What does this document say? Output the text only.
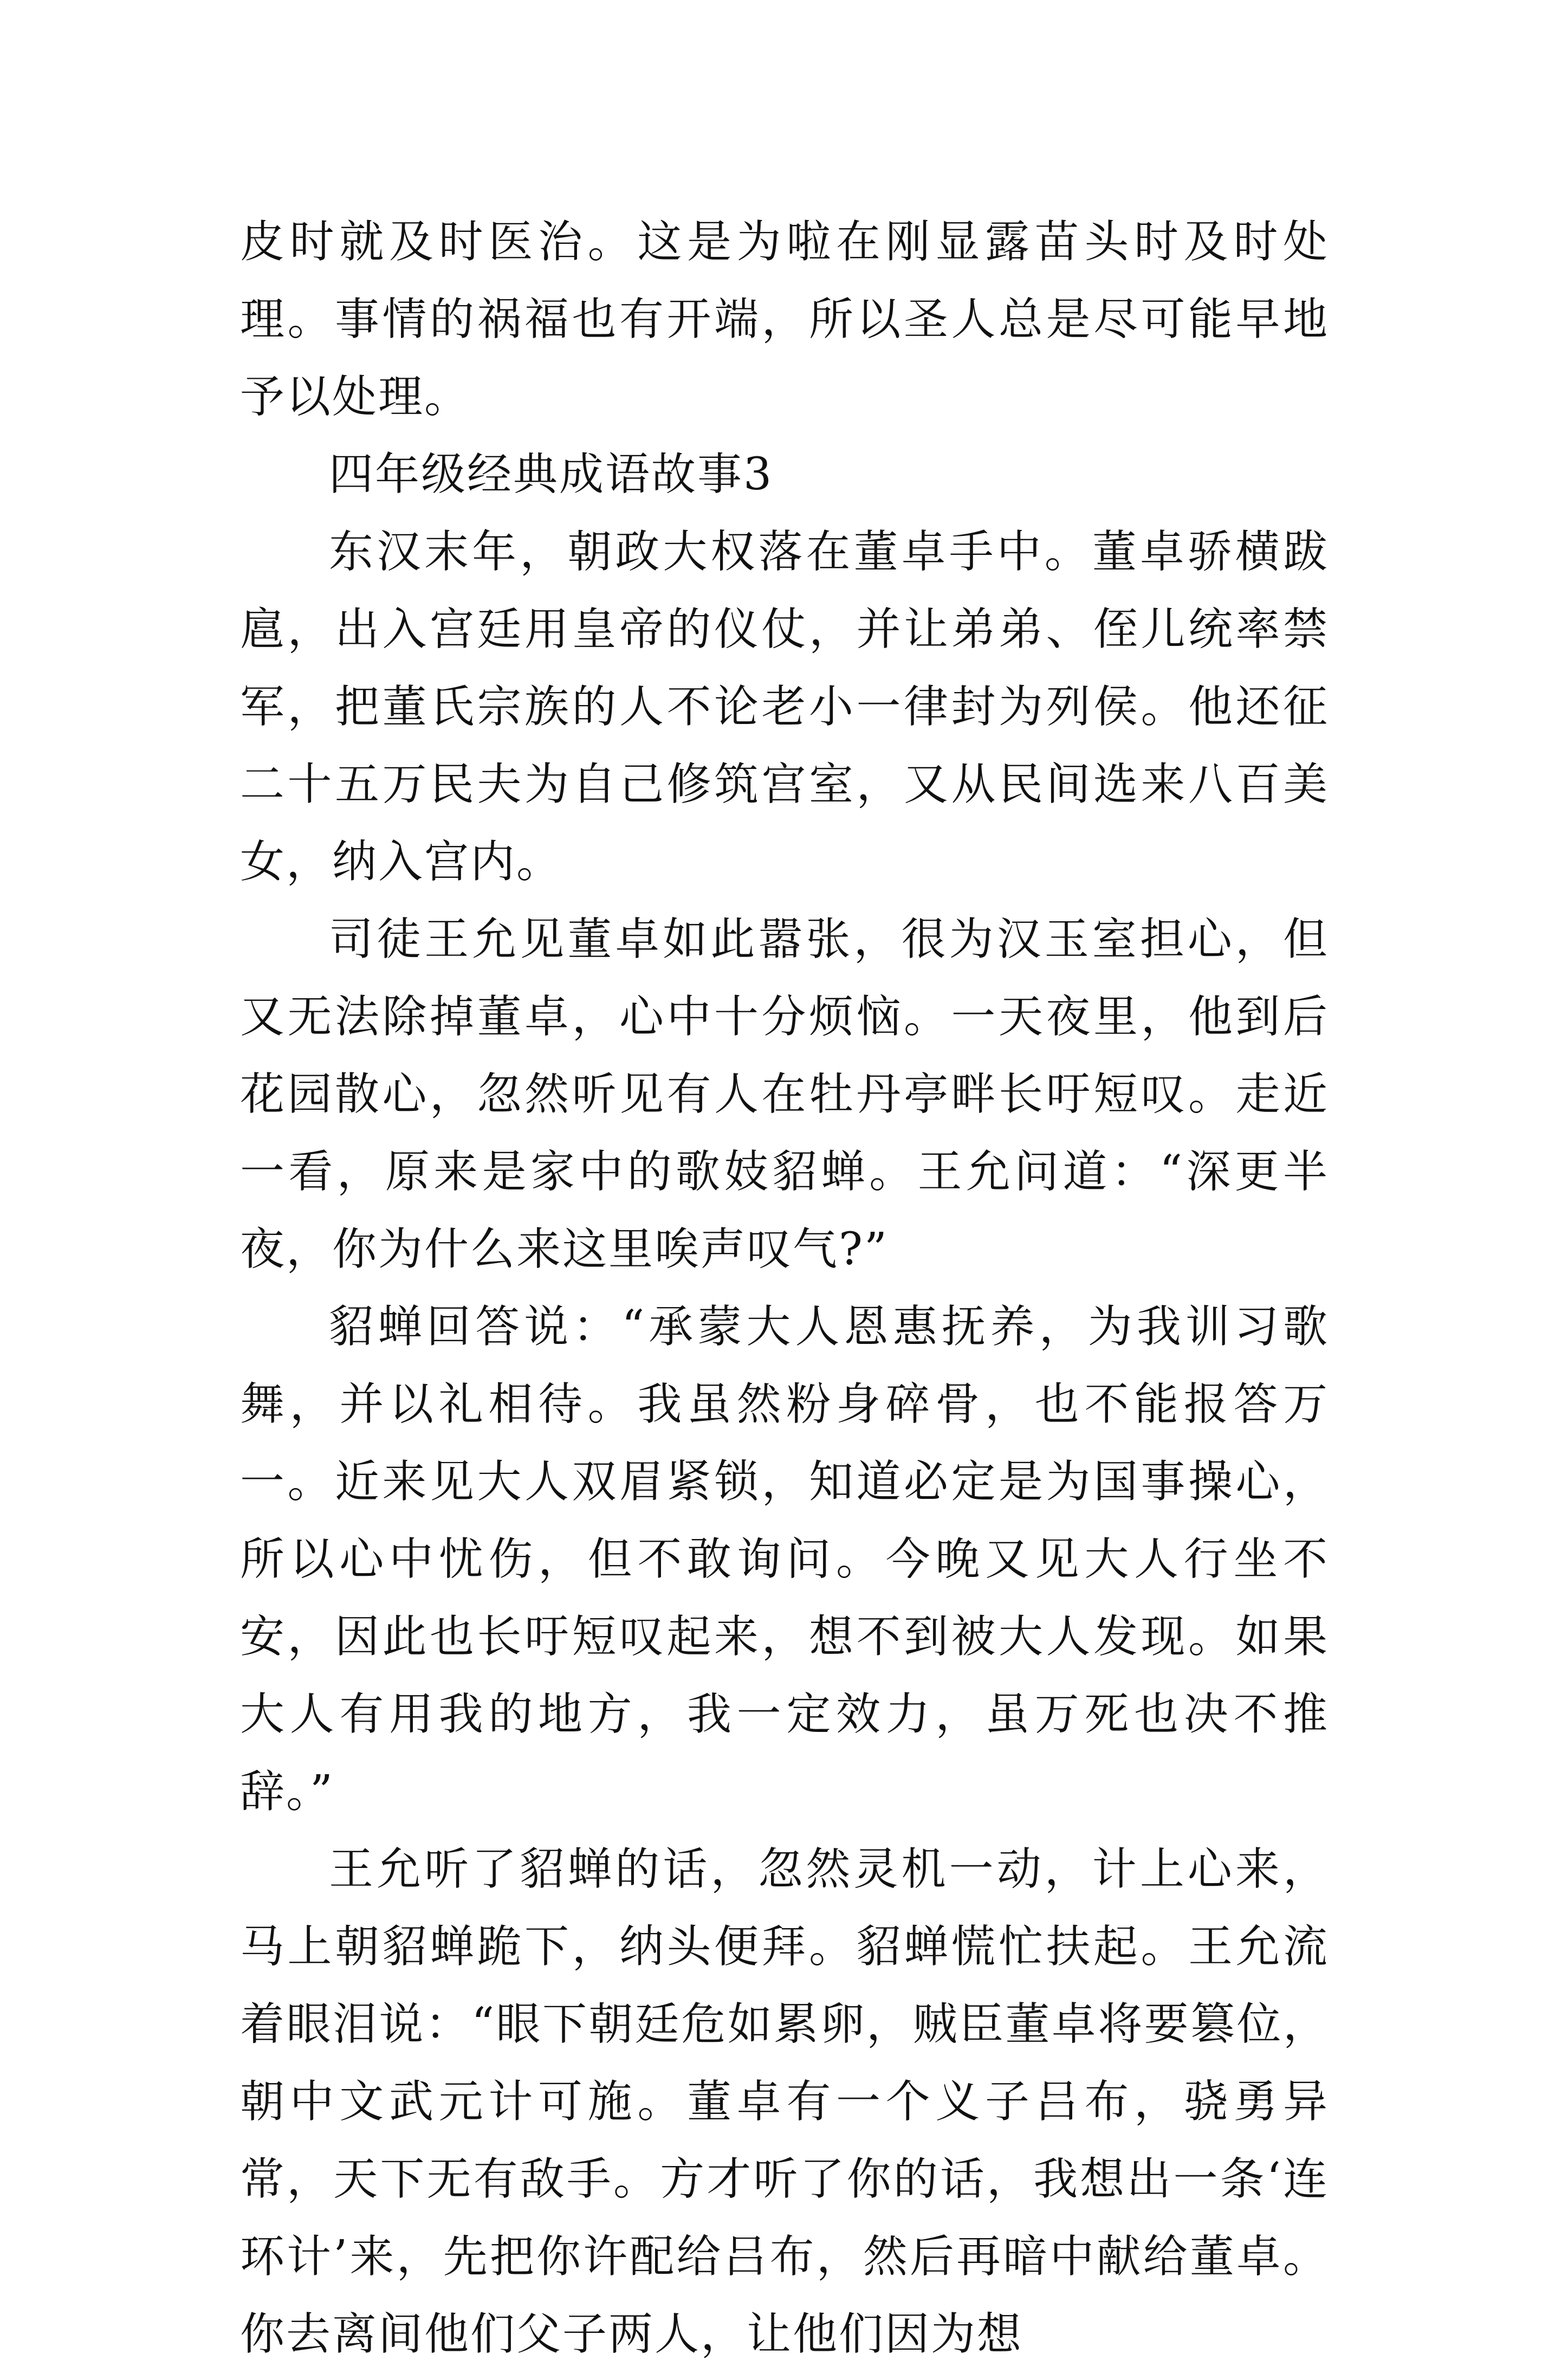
皮时就及时医治。这是为啦在刚显露苗头时及时处理。事情的祸福也有开端，所以圣人总是尽可能早地予以处理。

四年级经典成语故事3

东汉末年，朝政大权落在董卓手中。董卓骄横跋扈，出入宫廷用皇帝的仪仗，并让弟弟、侄儿统率禁军，把董氏宗族的人不论老小一律封为列侯。他还征二十五万民夫为自己修筑宫室，又从民间选来八百美女，纳入宫内。

司徒王允见董卓如此嚣张，很为汉玉室担心，但又无法除掉董卓，心中十分烦恼。一天夜里，他到后花园散心，忽然听见有人在牡丹亭畔长吁短叹。走近一看，原来是家中的歌妓貂蝉。王允问道：“深更半夜，你为什么来这里唉声叹气?”

貂蝉回答说：“承蒙大人恩惠抚养，为我训习歌舞，并以礼相待。我虽然粉身碎骨，也不能报答万一。近来见大人双眉紧锁，知道必定是为国事操心，所以心中忧伤，但不敢询问。今晚又见大人行坐不安，因此也长吁短叹起来，想不到被大人发现。如果大人有用我的地方，我一定效力，虽万死也决不推辞。”

王允听了貂蝉的话，忽然灵机一动，计上心来，马上朝貂蝉跪下，纳头便拜。貂蝉慌忙扶起。王允流着眼泪说：“眼下朝廷危如累卵，贼臣董卓将要篡位，朝中文武元计可施。董卓有一个义子吕布，骁勇异常，天下无有敌手。方才听了你的话，我想出一条‘连环计’来，先把你许配给吕布，然后再暗中献给董卓。你去离间他们父子两人，让他们因为想
